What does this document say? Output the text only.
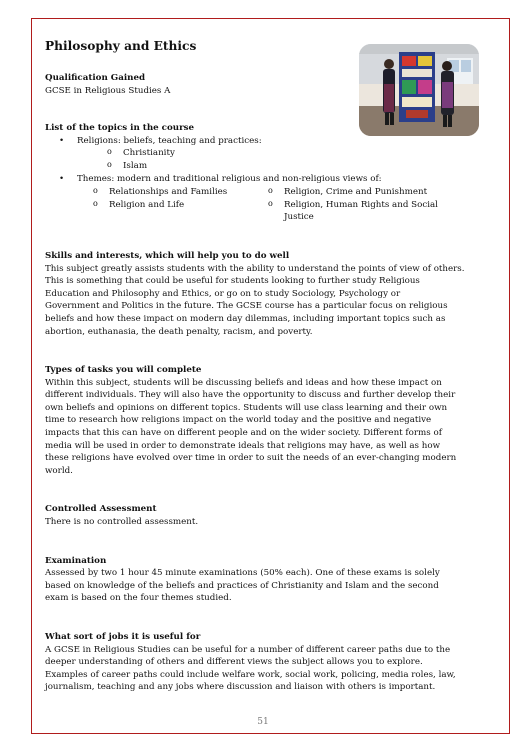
Philosophy and Ethics

Qualification Gained

GCSE in Religious Studies A

List of the topics in the course

• Religions: beliefs, teaching and practices:
o Christianity
o Islam
• Themes: modern and traditional religious and non-religious views of:
o Relationships and Families	o Religion, Crime and Punishment
o Religion and Life	o Religion, Human Rights and Social Justice

Skills and interests, which will help you to do well

This subject greatly assists students with the ability to understand the points of view of others.

This is something that could be useful for students looking to further study Religious

Education and Philosophy and Ethics, or go on to study Sociology, Psychology or

Government and Politics in the future. The GCSE course has a particular focus on religious

beliefs and how these impact on modern day dilemmas, including important topics such as

abortion, euthanasia, the death penalty, racism, and poverty.

Types of tasks you will complete

Within this subject, students will be discussing beliefs and ideas and how these impact on

different individuals. They will also have the opportunity to discuss and further develop their

own beliefs and opinions on different topics. Students will use class learning and their own

time to research how religions impact on the world today and the positive and negative

impacts that this can have on different people and on the wider society. Different forms of

media will be used in order to demonstrate ideals that religions may have, as well as how

these religions have evolved over time in order to suit the needs of an ever-changing modern

world.

Controlled Assessment

There is no controlled assessment.

Examination

Assessed by two 1 hour 45 minute examinations (50% each). One of these exams is solely

based on knowledge of the beliefs and practices of Christianity and Islam and the second

exam is based on the four themes studied.

What sort of jobs it is useful for

A GCSE in Religious Studies can be useful for a number of different career paths due to the

deeper understanding of others and different views the subject allows you to explore.

Examples of career paths could include welfare work, social work, policing, media roles, law,

journalism, teaching and any jobs where discussion and liaison with others is important.

51
